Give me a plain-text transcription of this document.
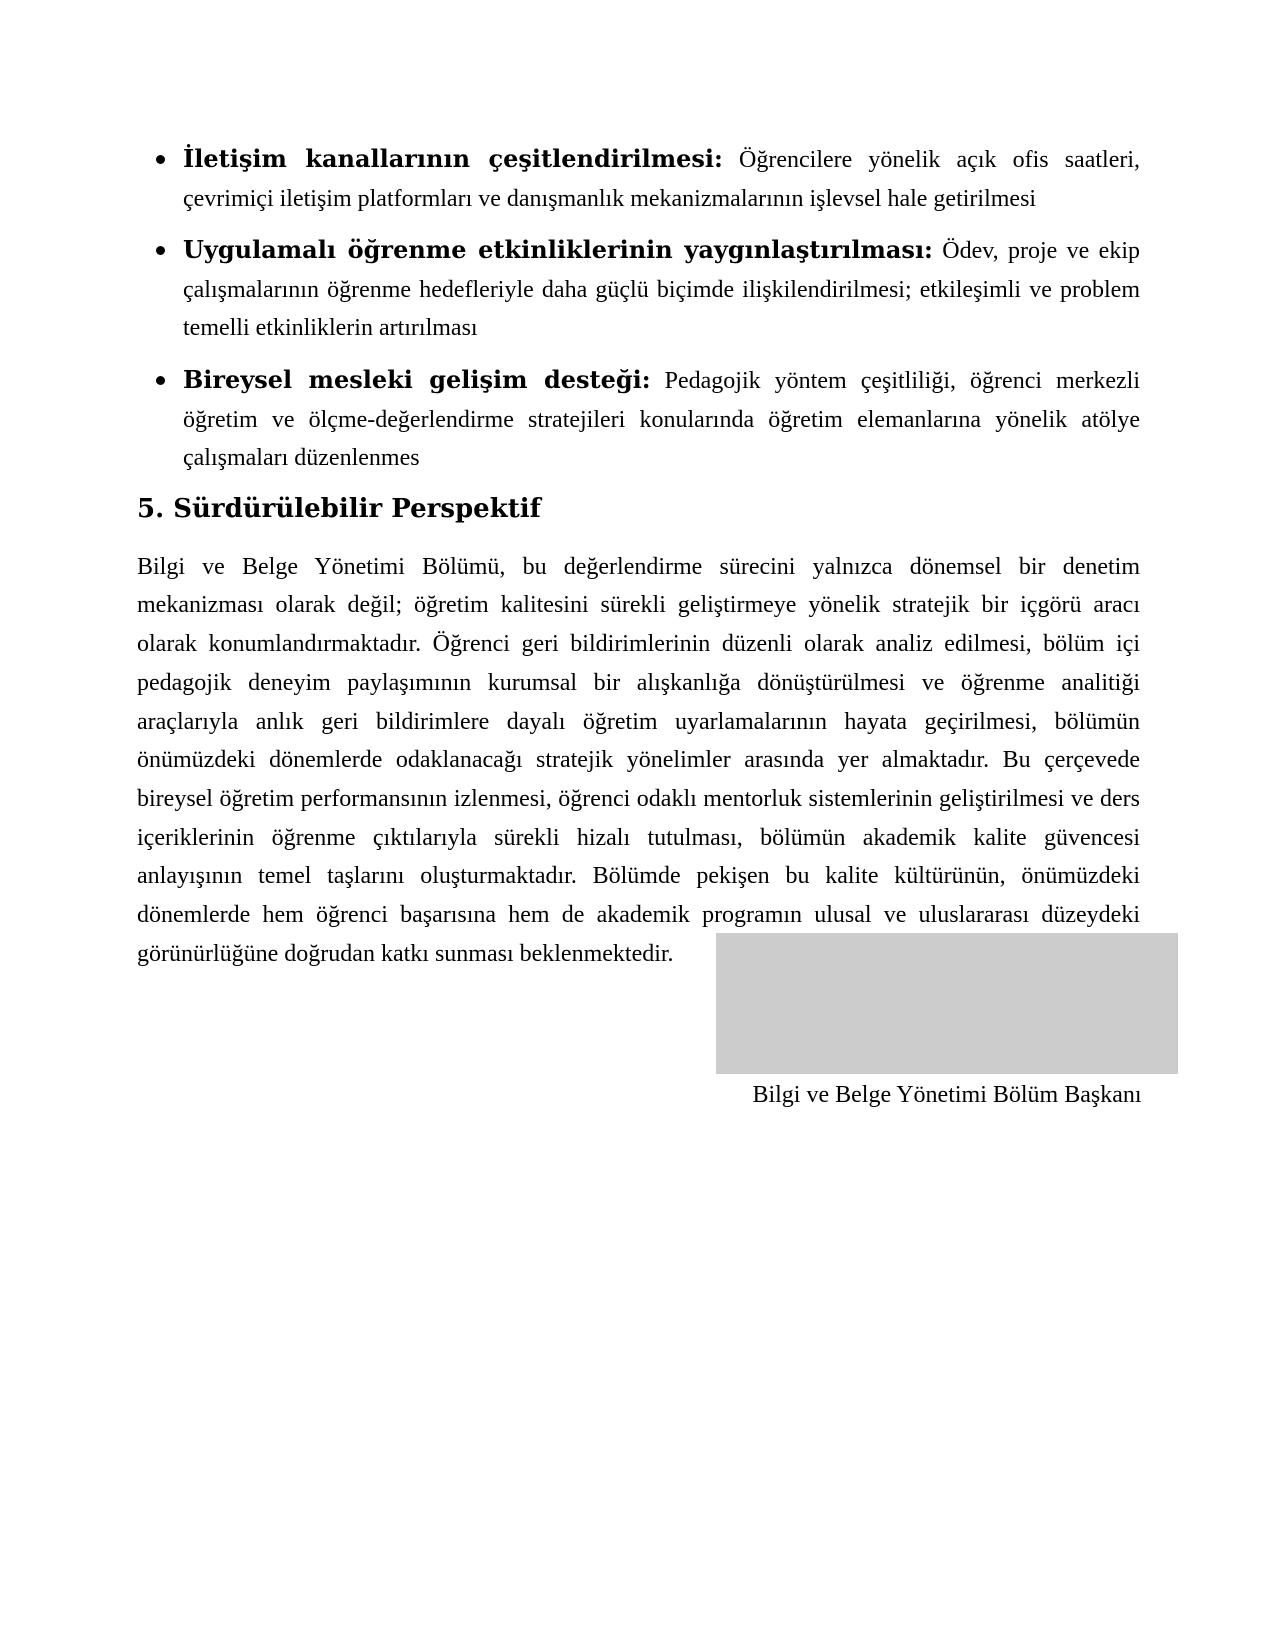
İletişim kanallarının çeşitlendirilmesi: Öğrencilere yönelik açık ofis saatleri, çevrimiçi iletişim platformları ve danışmanlık mekanizmalarının işlevsel hale getirilmesi
Uygulamalı öğrenme etkinliklerinin yaygınlaştırılması: Ödev, proje ve ekip çalışmalarının öğrenme hedefleriyle daha güçlü biçimde ilişkilendirilmesi; etkileşimli ve problem temelli etkinliklerin artırılması
Bireysel mesleki gelişim desteği: Pedagojik yöntem çeşitliliği, öğrenci merkezli öğretim ve ölçme-değerlendirme stratejileri konularında öğretim elemanlarına yönelik atölye çalışmaları düzenlenmes
5. Sürdürülebilir Perspektif

Bilgi ve Belge Yönetimi Bölümü, bu değerlendirme sürecini yalnızca dönemsel bir denetim mekanizması olarak değil; öğretim kalitesini sürekli geliştirmeye yönelik stratejik bir içgörü aracı olarak konumlandırmaktadır. Öğrenci geri bildirimlerinin düzenli olarak analiz edilmesi, bölüm içi pedagojik deneyim paylaşımının kurumsal bir alışkanlığa dönüştürülmesi ve öğrenme analitiği araçlarıyla anlık geri bildirimlere dayalı öğretim uyarlamalarının hayata geçirilmesi, bölümün önümüzdeki dönemlerde odaklanacağı stratejik yönelimler arasında yer almaktadır. Bu çerçevede bireysel öğretim performansının izlenmesi, öğrenci odaklı mentorluk sistemlerinin geliştirilmesi ve ders içeriklerinin öğrenme çıktılarıyla sürekli hizalı tutulması, bölümün akademik kalite güvencesi anlayışının temel taşlarını oluşturmaktadır. Bölümde pekişen bu kalite kültürünün, önümüzdeki dönemlerde hem öğrenci başarısına hem de akademik programın ulusal ve uluslararası düzeydeki görünürlüğüne doğrudan katkı sunması beklenmektedir.

Bilgi ve Belge Yönetimi Bölüm Başkanı
